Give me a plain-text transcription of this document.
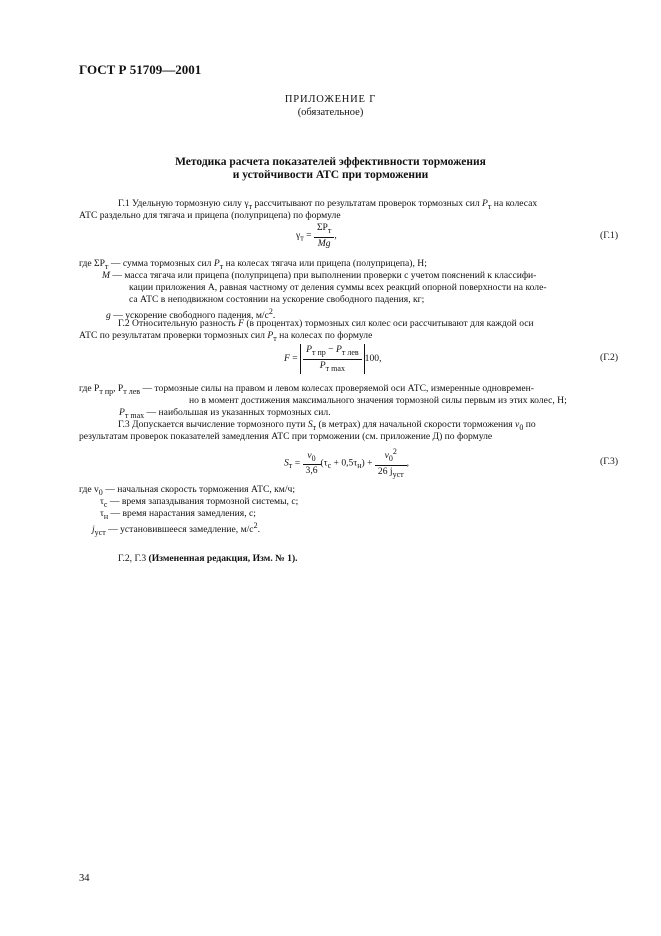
ГОСТ Р 51709—2001
ПРИЛОЖЕНИЕ Г
(обязательное)
Методика расчета показателей эффективности торможения
и устойчивости АТС при торможении
Г.1 Удельную тормозную силу $\gamma_т$ рассчитывают по результатам проверок тормозных сил $P_т$ на колесах
АТС раздельно для тягача и прицепа (полуприцепа) по формуле
$\gamma_т = \frac{\Sigma P_т}{Mg}$ ,	(Г.1)
где $\Sigma P_т$ — сумма тормозных сил $P_т$ на колесах тягача или прицепа (полуприцепа), Н;
M — масса тягача или прицепа (полуприцепа) при выполнении проверки с учетом пояснений к классифи-
кации приложения А, равная частному от деления суммы всех реакций опорной поверхности на коле-
са АТС в неподвижном состоянии на ускорение свободного падения, кг;
g — ускорение свободного падения, $м/с^2$.
Г.2 Относительную разность F (в процентах) тормозных сил колес оси рассчитывают для каждой оси
АТС по результатам проверки тормозных сил $P_т$ на колесах по формуле
$F = \frac{P_{т пр} - P_{т лев}}{P_{т max}} 100$,	(Г.2)
где $P_{т пр}$, $P_{т лев}$ — тормозные силы на правом и левом колесах проверяемой оси АТС, измеренные одновремен-
но в момент достижения максимального значения тормозной силы первым из этих колес, Н;
$P_{т max}$ — наибольшая из указанных тормозных сил.
Г.3 Допускается вычисление тормозного пути $S_т$ (в метрах) для начальной скорости торможения $v_0$ по
результатам проверок показателей замедления АТС при торможении (см. приложение Д) по формуле
$S_т = \frac{v_0}{3,6} (\tau_с + 0,5\tau_н) + \frac{v_0^2}{26 j_{уст}}$ ,	(Г.3)
где $v_0$ — начальная скорость торможения АТС, км/ч;
$\tau_с$ — время запаздывания тормозной системы, с;
$\tau_н$ — время нарастания замедления, с;
$j_{уст}$ — установившееся замедление, $м/с^2$.
Г.2, Г.3 (Измененная редакция, Изм. № 1).
34
